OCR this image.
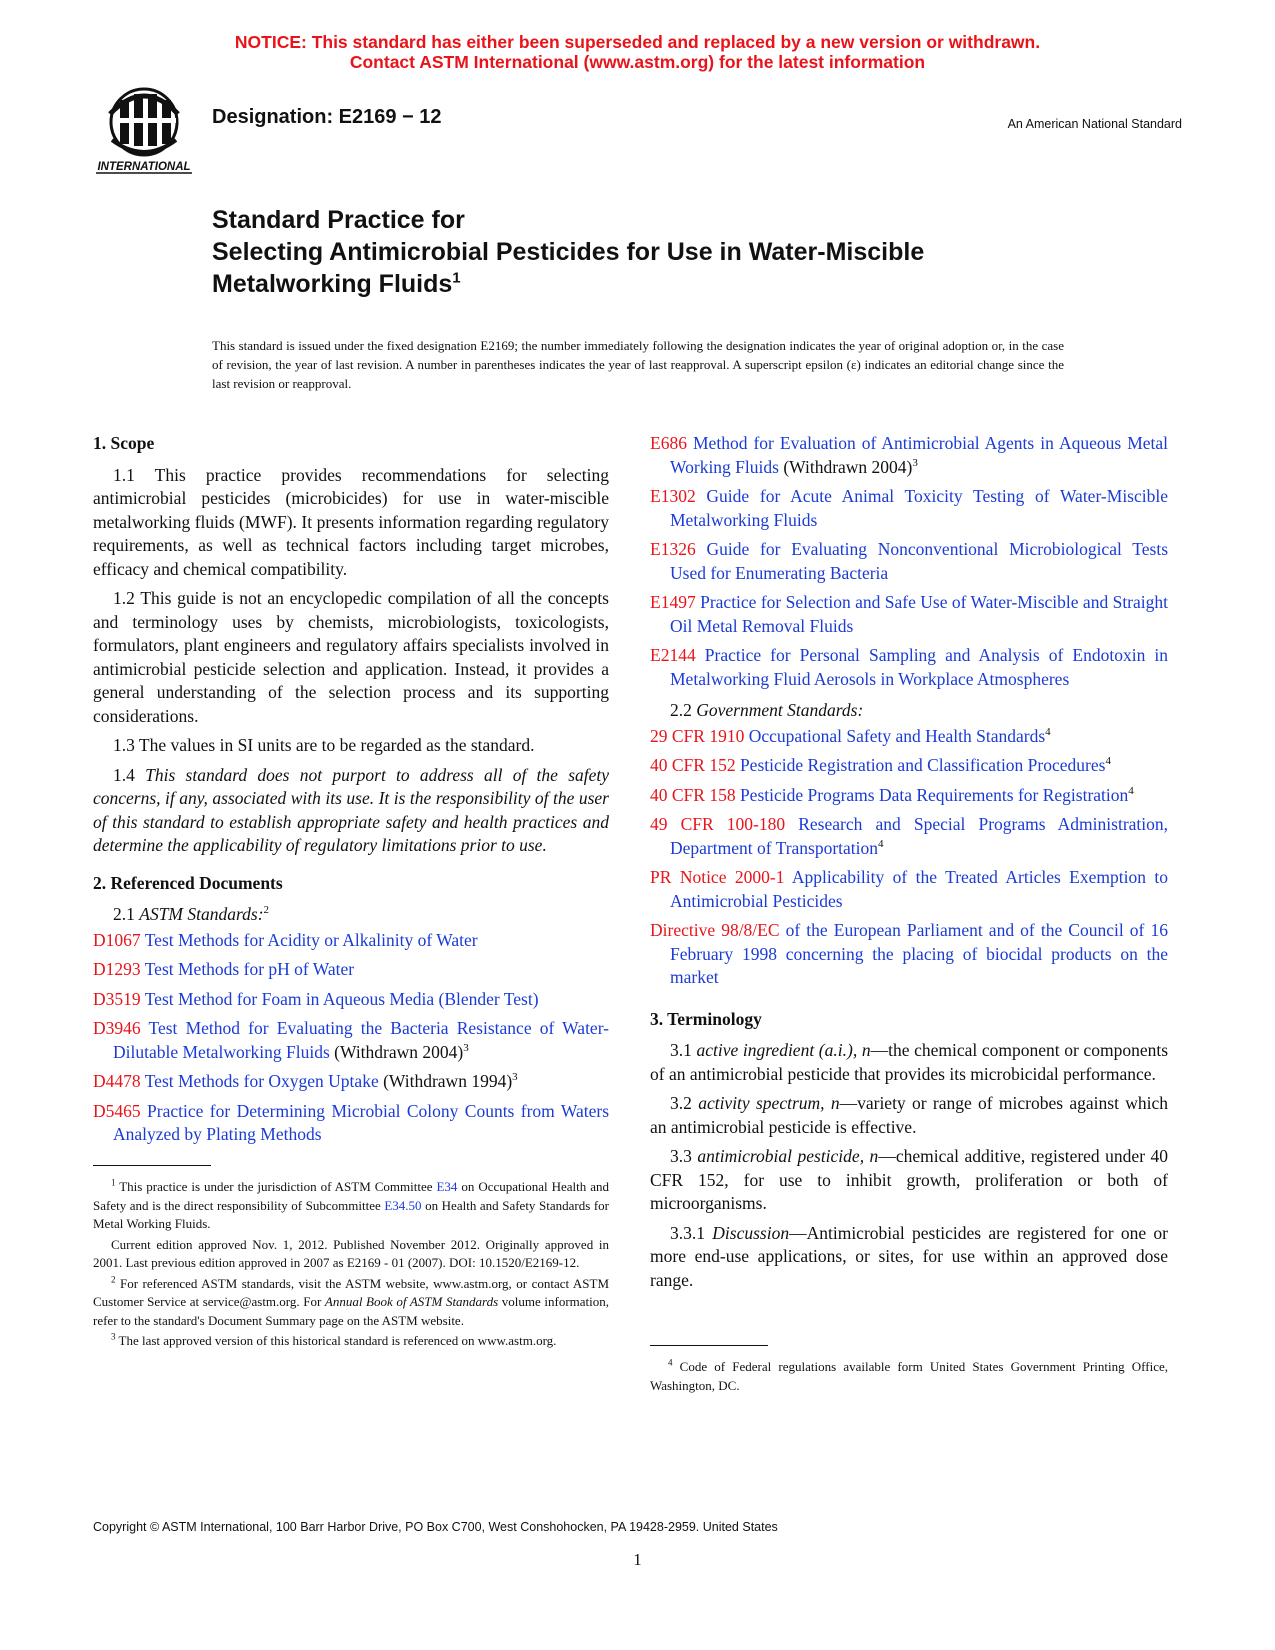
NOTICE: This standard has either been superseded and replaced by a new version or withdrawn.
Contact ASTM International (www.astm.org) for the latest information
INTERNATIONAL
Designation: E2169 − 12	An American National Standard
Standard Practice for
Selecting Antimicrobial Pesticides for Use in Water-Miscible
Metalworking Fluids$^1$
This standard is issued under the fixed designation E2169; the number immediately following the designation indicates the year of original adoption or, in the case of revision, the year of last revision. A number in parentheses indicates the year of last reapproval. A superscript epsilon (ε) indicates an editorial change since the last revision or reapproval.
1. Scope

1.1 This practice provides recommendations for selecting antimicrobial pesticides (microbicides) for use in water-miscible metalworking fluids (MWF). It presents information regarding regulatory requirements, as well as technical factors including target microbes, efficacy and chemical compatibility.

1.2 This guide is not an encyclopedic compilation of all the concepts and terminology uses by chemists, microbiologists, toxicologists, formulators, plant engineers and regulatory affairs specialists involved in antimicrobial pesticide selection and application. Instead, it provides a general understanding of the selection process and its supporting considerations.

1.3 The values in SI units are to be regarded as the standard.

1.4 This standard does not purport to address all of the safety concerns, if any, associated with its use. It is the responsibility of the user of this standard to establish appropriate safety and health practices and determine the applicability of regulatory limitations prior to use.

2. Referenced Documents
2.1 ASTM Standards:$^2$

D1067 Test Methods for Acidity or Alkalinity of Water

D1293 Test Methods for pH of Water

D3519 Test Method for Foam in Aqueous Media (Blender Test)

D3946 Test Method for Evaluating the Bacteria Resistance of Water-Dilutable Metalworking Fluids (Withdrawn 2004)$^3$

D4478 Test Methods for Oxygen Uptake (Withdrawn 1994)$^3$

D5465 Practice for Determining Microbial Colony Counts from Waters Analyzed by Plating Methods

E686 Method for Evaluation of Antimicrobial Agents in Aqueous Metal Working Fluids (Withdrawn 2004)$^3$

E1302 Guide for Acute Animal Toxicity Testing of Water-Miscible Metalworking Fluids

E1326 Guide for Evaluating Nonconventional Microbiological Tests Used for Enumerating Bacteria

E1497 Practice for Selection and Safe Use of Water-Miscible and Straight Oil Metal Removal Fluids

E2144 Practice for Personal Sampling and Analysis of Endotoxin in Metalworking Fluid Aerosols in Workplace Atmospheres

2.2 Government Standards:

29 CFR 1910 Occupational Safety and Health Standards$^4$

40 CFR 152 Pesticide Registration and Classification Procedures$^4$

40 CFR 158 Pesticide Programs Data Requirements for Registration$^4$

49 CFR 100-180 Research and Special Programs Administration, Department of Transportation$^4$

PR Notice 2000-1 Applicability of the Treated Articles Exemption to Antimicrobial Pesticides

Directive 98/8/EC of the European Parliament and of the Council of 16 February 1998 concerning the placing of biocidal products on the market

3. Terminology

3.1 active ingredient (a.i.), n—the chemical component or components of an antimicrobial pesticide that provides its microbicidal performance.

3.2 activity spectrum, n—variety or range of microbes against which an antimicrobial pesticide is effective.

3.3 antimicrobial pesticide, n—chemical additive, registered under 40 CFR 152, for use to inhibit growth, proliferation or both of microorganisms.

3.3.1 Discussion—Antimicrobial pesticides are registered for one or more end-use applications, or sites, for use within an approved dose range.

$^1$ This practice is under the jurisdiction of ASTM Committee E34 on Occupational Health and Safety and is the direct responsibility of Subcommittee E34.50 on Health and Safety Standards for Metal Working Fluids.

Current edition approved Nov. 1, 2012. Published November 2012. Originally approved in 2001. Last previous edition approved in 2007 as E2169 - 01 (2007). DOI: 10.1520/E2169-12.

$^2$ For referenced ASTM standards, visit the ASTM website, www.astm.org, or contact ASTM Customer Service at service@astm.org. For Annual Book of ASTM Standards volume information, refer to the standard's Document Summary page on the ASTM website.

$^3$ The last approved version of this historical standard is referenced on www.astm.org.

$^4$ Code of Federal regulations available form United States Government Printing Office, Washington, DC.

Copyright © ASTM International, 100 Barr Harbor Drive, PO Box C700, West Conshohocken, PA 19428-2959. United States
1
